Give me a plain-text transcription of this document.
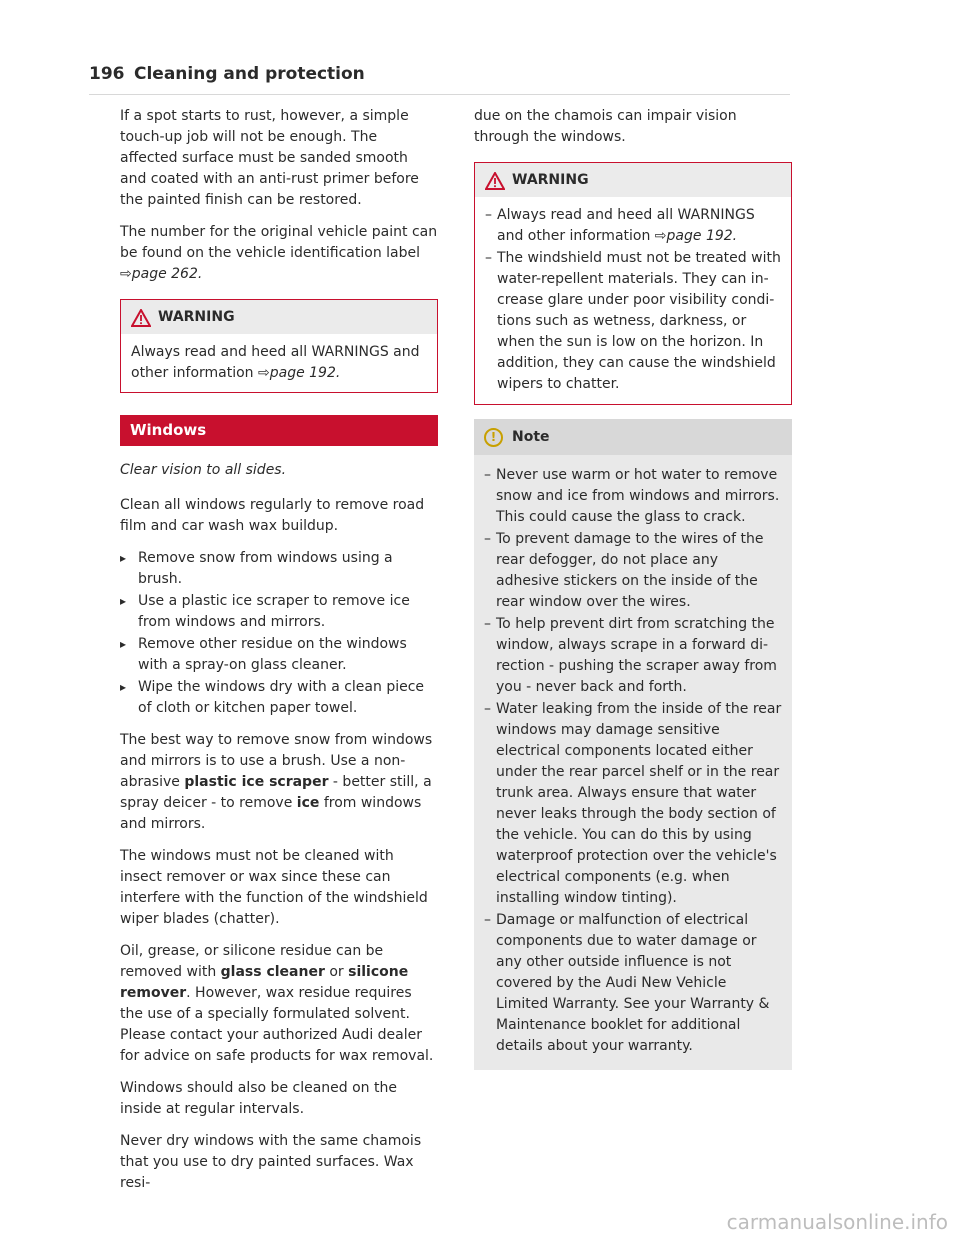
196 Cleaning and protection

If a spot starts to rust, however, a simple touch-up job will not be enough. The affected surface must be sanded smooth and coated with an anti-rust primer before the painted finish can be restored.

The number for the original vehicle paint can be found on the vehicle identification label ⇨page 262.

WARNING

Always read and heed all WARNINGS and other information ⇨page 192.

Windows
Clear vision to all sides.

Clean all windows regularly to remove road film and car wash wax buildup.

▸ Remove snow from windows using a brush.
▸ Use a plastic ice scraper to remove ice from windows and mirrors.
▸ Remove other residue on the windows with a spray-on glass cleaner.
▸ Wipe the windows dry with a clean piece of cloth or kitchen paper towel.

The best way to remove snow from windows and mirrors is to use a brush. Use a non-abrasive plastic ice scraper - better still, a spray deicer - to remove ice from windows and mirrors.

The windows must not be cleaned with insect remover or wax since these can interfere with the function of the windshield wiper blades (chatter).

Oil, grease, or silicone residue can be removed with glass cleaner or silicone remover. However, wax residue requires the use of a specially formulated solvent. Please contact your authorized Audi dealer for advice on safe products for wax removal.

Windows should also be cleaned on the inside at regular intervals.

Never dry windows with the same chamois that you use to dry painted surfaces. Wax resi-

due on the chamois can impair vision through the windows.

WARNING
– Always read and heed all WARNINGS and other information ⇨page 192.
– The windshield must not be treated with water-repellent materials. They can increase glare under poor visibility conditions such as wetness, darkness, or when the sun is low on the horizon. In addition, they can cause the windshield wipers to chatter.
!
Note
– Never use warm or hot water to remove snow and ice from windows and mirrors. This could cause the glass to crack.
– To prevent damage to the wires of the rear defogger, do not place any adhesive stickers on the inside of the rear window over the wires.
– To help prevent dirt from scratching the window, always scrape in a forward direction - pushing the scraper away from you - never back and forth.
– Water leaking from the inside of the rear windows may damage sensitive electrical components located either under the rear parcel shelf or in the rear trunk area. Always ensure that water never leaks through the body section of the vehicle. You can do this by using waterproof protection over the vehicle's electrical components (e.g. when installing window tinting).
– Damage or malfunction of electrical components due to water damage or any other outside influence is not covered by the Audi New Vehicle Limited Warranty. See your Warranty & Maintenance booklet for additional details about your warranty.
carmanualsonline.info
